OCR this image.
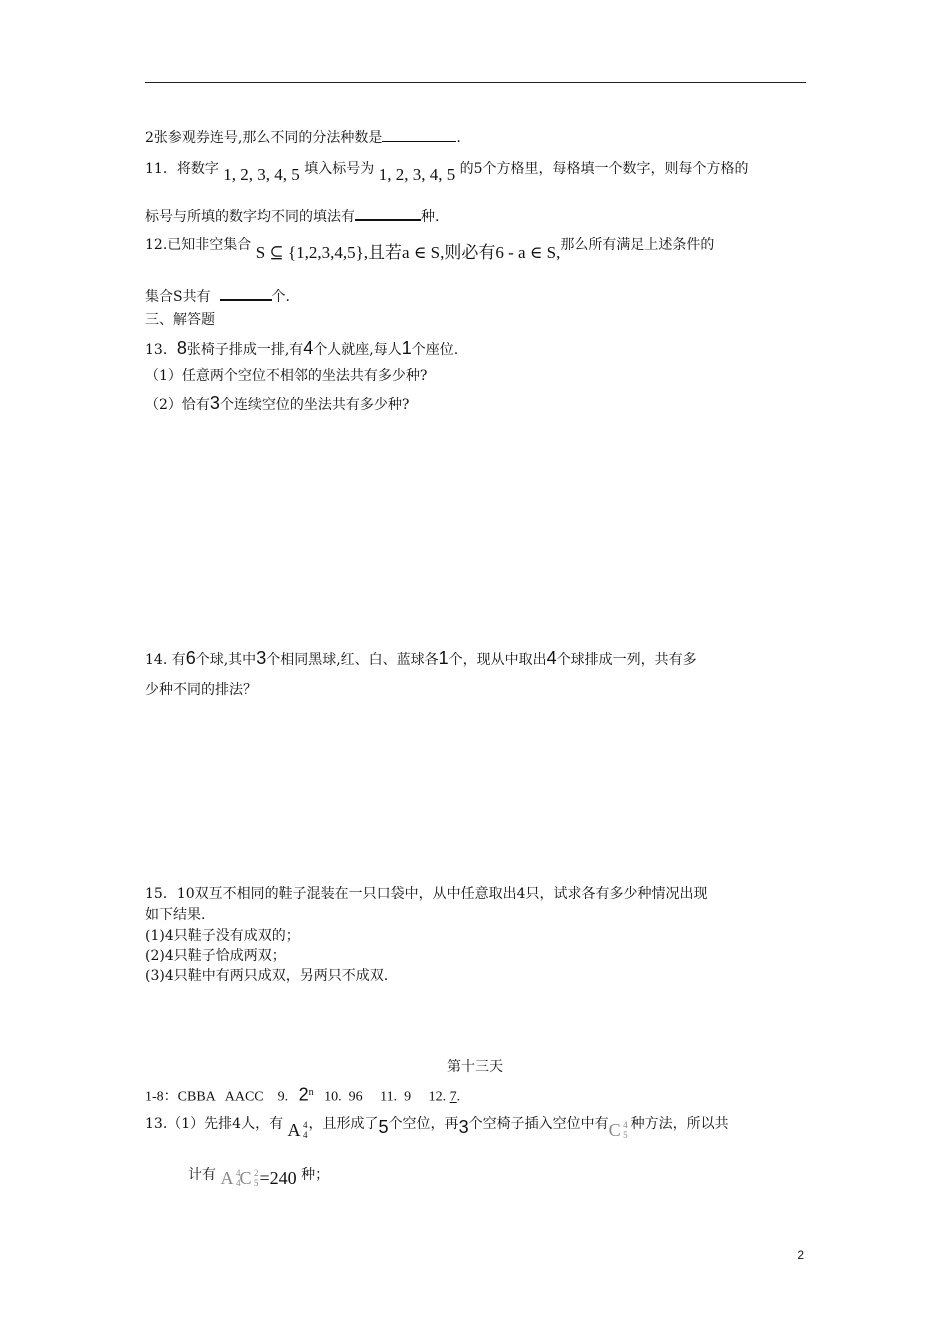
2张参观券连号,那么不同的分法种数是	.
11．将数字 1, 2, 3, 4, 5 填入标号为 1, 2, 3, 4, 5 的5个方格里，每格填一个数字，则每个方格的
标号与所填的数字均不同的填法有	种.
12.已知非空集合 S ⊆ {1,2,3,4,5},且若a ∈ S,则必有6 - a ∈ S,那么所有满足上述条件的
集合S共有	个.
三、解答题
13．8张椅子排成一排,有4个人就座,每人1个座位.
（1）任意两个空位不相邻的坐法共有多少种?
（2）恰有3个连续空位的坐法共有多少种?
14. 有6个球,其中3个相同黑球,红、白、蓝球各1个，现从中取出4个球排成一列，共有多
少种不同的排法？
15．10双互不相同的鞋子混装在一只口袋中，从中任意取出4只，试求各有多少种情况出现
如下结果.
(1)4只鞋子没有成双的；
(2)4只鞋子恰成两双；
(3)4只鞋中有两只成双，另两只不成双.
第十三天
1-8：CBBA   AACC    9. 2$^n$ 10.  96     11.  9     12. 7.
13.（1）先排4人，有 A 4
4
，且形成了5个空位，再3个空椅子插入空位中有C 4
5
种方法，所以共
计有 A 4
4 C 2
5 =240 种；
2
